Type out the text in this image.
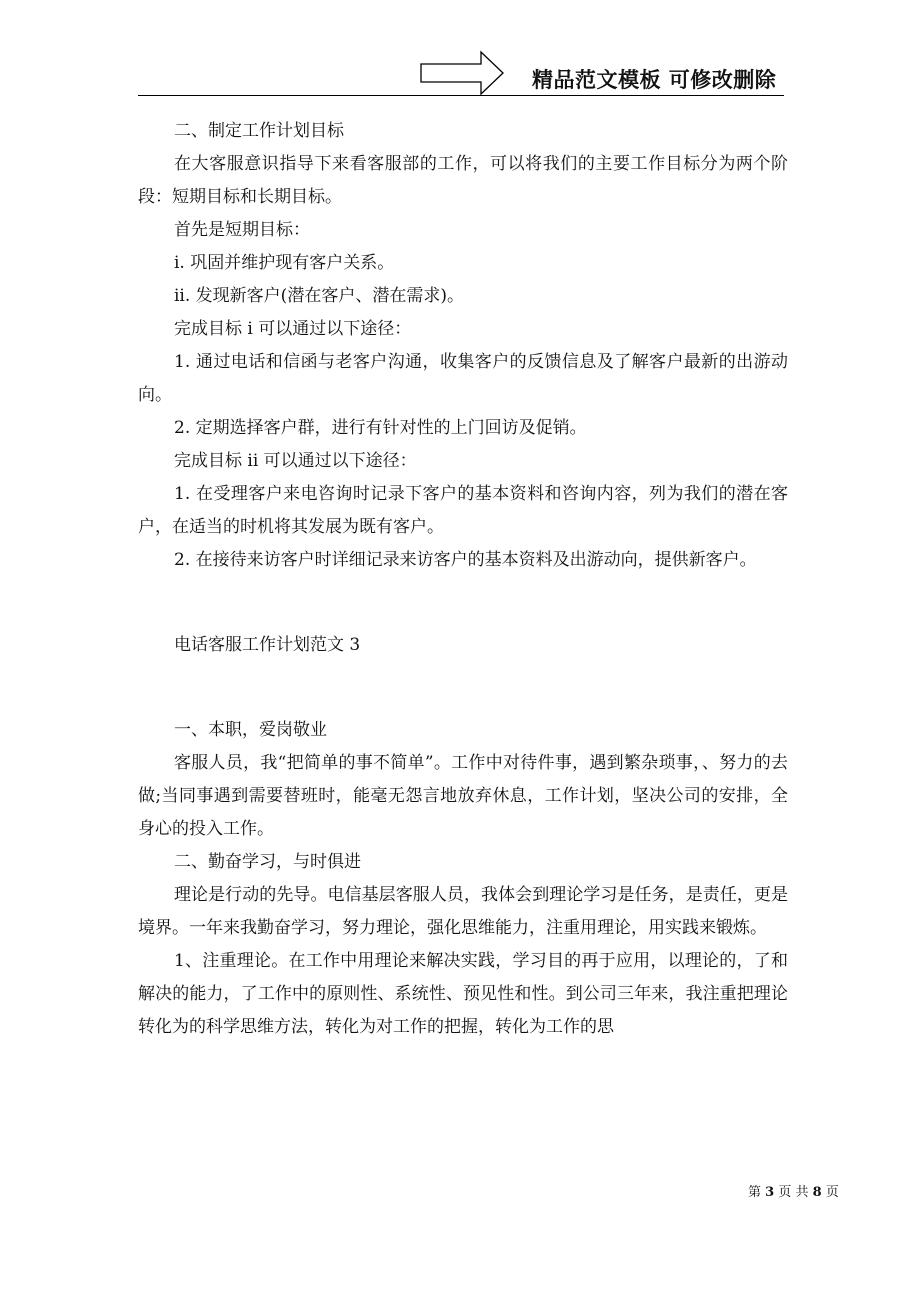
精品范文模板 可修改删除

二、制定工作计划目标

在大客服意识指导下来看客服部的工作，可以将我们的主要工作目标分为两个阶段：短期目标和长期目标。

首先是短期目标：

i. 巩固并维护现有客户关系。

ii. 发现新客户(潜在客户、潜在需求)。

完成目标 i 可以通过以下途径：

1. 通过电话和信函与老客户沟通，收集客户的反馈信息及了解客户最新的出游动向。

2. 定期选择客户群，进行有针对性的上门回访及促销。

完成目标 ii 可以通过以下途径：

1. 在受理客户来电咨询时记录下客户的基本资料和咨询内容，列为我们的潜在客户，在适当的时机将其发展为既有客户。

2. 在接待来访客户时详细记录来访客户的基本资料及出游动向，提供新客户。

电话客服工作计划范文 3

一、本职，爱岗敬业

客服人员，我“把简单的事不简单”。工作中对待件事，遇到繁杂琐事，、努力的去做;当同事遇到需要替班时，能毫无怨言地放弃休息，工作计划，坚决公司的安排，全身心的投入工作。

二、勤奋学习，与时俱进

理论是行动的先导。电信基层客服人员，我体会到理论学习是任务，是责任，更是境界。一年来我勤奋学习，努力理论，强化思维能力，注重用理论，用实践来锻炼。

1、注重理论。在工作中用理论来解决实践，学习目的再于应用，以理论的，了和解决的能力，了工作中的原则性、系统性、预见性和性。到公司三年来，我注重把理论转化为的科学思维方法，转化为对工作的把握，转化为工作的思

第 3 页 共 8 页
